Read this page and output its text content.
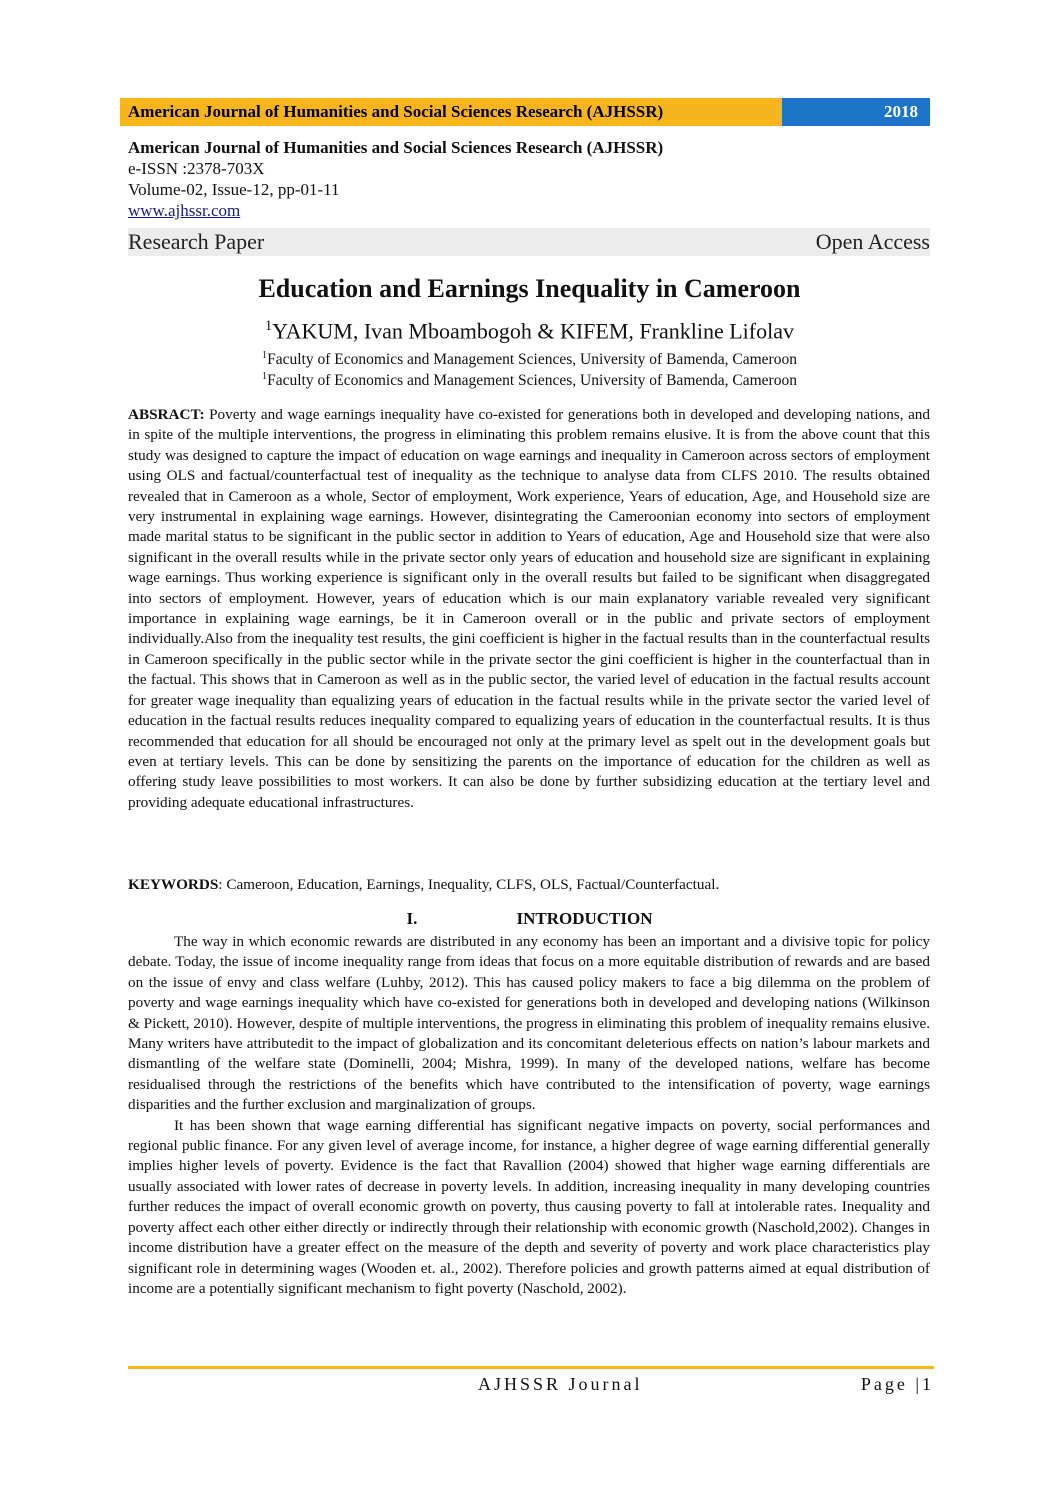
American Journal of Humanities and Social Sciences Research (AJHSSR)	2018
American Journal of Humanities and Social Sciences Research (AJHSSR)
e-ISSN :2378-703X
Volume-02, Issue-12, pp-01-11
www.ajhssr.com
Research Paper	Open Access
Education and Earnings Inequality in Cameroon
$^1$YAKUM, Ivan Mboambogoh & KIFEM, Frankline Lifolav
$^1$Faculty of Economics and Management Sciences, University of Bamenda, Cameroon
$^1$Faculty of Economics and Management Sciences, University of Bamenda, Cameroon
ABSRACT: Poverty and wage earnings inequality have co-existed for generations both in developed and developing nations, and in spite of the multiple interventions, the progress in eliminating this problem remains elusive. It is from the above count that this study was designed to capture the impact of education on wage earnings and inequality in Cameroon across sectors of employment using OLS and factual/counterfactual test of inequality as the technique to analyse data from CLFS 2010. The results obtained revealed that in Cameroon as a whole, Sector of employment, Work experience, Years of education, Age, and Household size are very instrumental in explaining wage earnings. However, disintegrating the Cameroonian economy into sectors of employment made marital status to be significant in the public sector in addition to Years of education, Age and Household size that were also significant in the overall results while in the private sector only years of education and household size are significant in explaining wage earnings. Thus working experience is significant only in the overall results but failed to be significant when disaggregated into sectors of employment. However, years of education which is our main explanatory variable revealed very significant importance in explaining wage earnings, be it in Cameroon overall or in the public and private sectors of employment individually.Also from the inequality test results, the gini coefficient is higher in the factual results than in the counterfactual results in Cameroon specifically in the public sector while in the private sector the gini coefficient is higher in the counterfactual than in the factual. This shows that in Cameroon as well as in the public sector, the varied level of education in the factual results account for greater wage inequality than equalizing years of education in the factual results while in the private sector the varied level of education in the factual results reduces inequality compared to equalizing years of education in the counterfactual results. It is thus recommended that education for all should be encouraged not only at the primary level as spelt out in the development goals but even at tertiary levels. This can be done by sensitizing the parents on the importance of education for the children as well as offering study leave possibilities to most workers. It can also be done by further subsidizing education at the tertiary level and providing adequate educational infrastructures.
KEYWORDS: Cameroon, Education, Earnings, Inequality, CLFS, OLS, Factual/Counterfactual.
I.	INTRODUCTION

The way in which economic rewards are distributed in any economy has been an important and a divisive topic for policy debate. Today, the issue of income inequality range from ideas that focus on a more equitable distribution of rewards and are based on the issue of envy and class welfare (Luhby, 2012). This has caused policy makers to face a big dilemma on the problem of poverty and wage earnings inequality which have co-existed for generations both in developed and developing nations (Wilkinson & Pickett, 2010). However, despite of multiple interventions, the progress in eliminating this problem of inequality remains elusive. Many writers have attributedit to the impact of globalization and its concomitant deleterious effects on nation’s labour markets and dismantling of the welfare state (Dominelli, 2004; Mishra, 1999). In many of the developed nations, welfare has become residualised through the restrictions of the benefits which have contributed to the intensification of poverty, wage earnings disparities and the further exclusion and marginalization of groups.

It has been shown that wage earning differential has significant negative impacts on poverty, social performances and regional public finance. For any given level of average income, for instance, a higher degree of wage earning differential generally implies higher levels of poverty. Evidence is the fact that Ravallion (2004) showed that higher wage earning differentials are usually associated with lower rates of decrease in poverty levels. In addition, increasing inequality in many developing countries further reduces the impact of overall economic growth on poverty, thus causing poverty to fall at intolerable rates. Inequality and poverty affect each other either directly or indirectly through their relationship with economic growth (Naschold,2002). Changes in income distribution have a greater effect on the measure of the depth and severity of poverty and work place characteristics play significant role in determining wages (Wooden et. al., 2002). Therefore policies and growth patterns aimed at equal distribution of income are a potentially significant mechanism to fight poverty (Naschold, 2002).

AJHSSR Journal	Page |1
